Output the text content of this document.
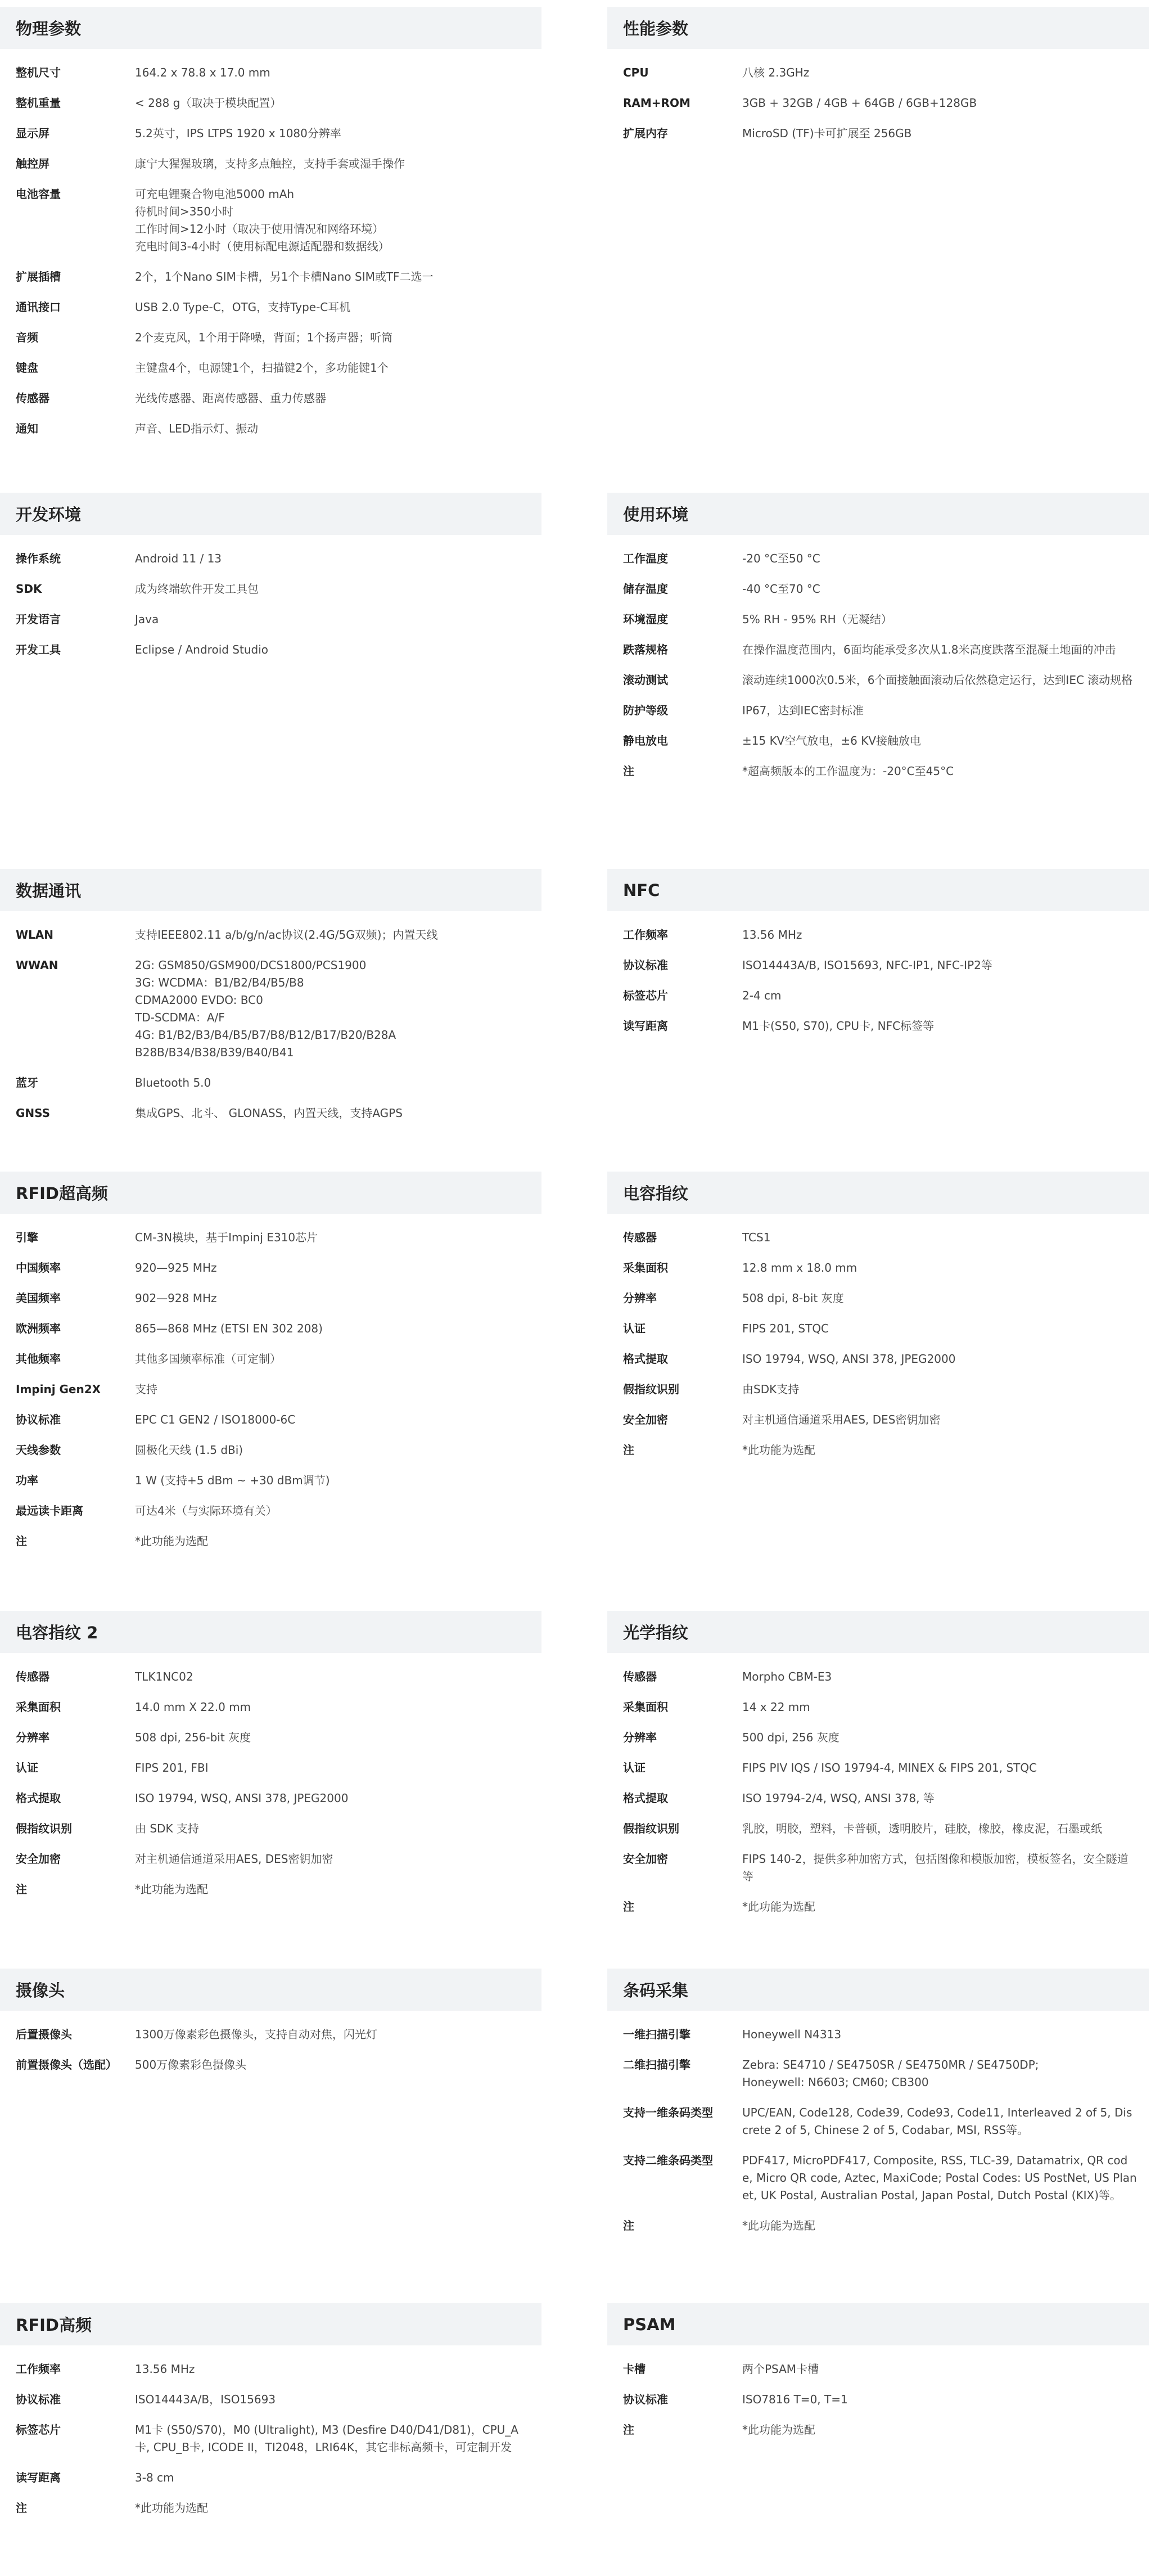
物理参数
整机尺寸	164.2 x 78.8 x 17.0 mm
整机重量	< 288 g（取决于模块配置）
显示屏	5.2英寸，IPS LTPS 1920 x 1080分辨率
触控屏	康宁大猩猩玻璃，支持多点触控，支持手套或湿手操作
电池容量	可充电锂聚合物电池5000 mAh
待机时间>350小时
工作时间>12小时（取决于使用情况和网络环境）
充电时间3-4小时（使用标配电源适配器和数据线）
扩展插槽	2个，1个Nano SIM卡槽，另1个卡槽Nano SIM或TF二选一
通讯接口	USB 2.0 Type-C，OTG，支持Type-C耳机
音频	2个麦克风，1个用于降噪，背面；1个扬声器；听筒
键盘	主键盘4个，电源键1个，扫描键2个，多功能键1个
传感器	光线传感器、距离传感器、重力传感器
通知	声音、LED指示灯、振动
性能参数
CPU	八核 2.3GHz
RAM+ROM	3GB + 32GB / 4GB + 64GB / 6GB+128GB
扩展内存	MicroSD (TF)卡可扩展至 256GB
开发环境
操作系统	Android 11 / 13
SDK	成为终端软件开发工具包
开发语言	Java
开发工具	Eclipse / Android Studio
使用环境
工作温度	-20 °C至50 °C
储存温度	-40 °C至70 °C
环境湿度	5% RH - 95% RH（无凝结）
跌落规格	在操作温度范围内，6面均能承受多次从1.8米高度跌落至混凝土地面的冲击
滚动测试	滚动连续1000次0.5米，6个面接触面滚动后依然稳定运行，达到IEC 滚动规格
防护等级	IP67，达到IEC密封标准
静电放电	±15 KV空气放电，±6 KV接触放电
注	*超高频版本的工作温度为：-20°C至45°C
数据通讯
WLAN	支持IEEE802.11 a/b/g/n/ac协议(2.4G/5G双频)；内置天线
WWAN	2G: GSM850/GSM900/DCS1800/PCS1900
3G: WCDMA：B1/B2/B4/B5/B8
CDMA2000 EVDO: BC0
TD-SCDMA：A/F
4G: B1/B2/B3/B4/B5/B7/B8/B12/B17/B20/B28A
B28B/B34/B38/B39/B40/B41
蓝牙	Bluetooth 5.0
GNSS	集成GPS、北斗、 GLONASS，内置天线，支持AGPS
NFC
工作频率	13.56 MHz
协议标准	ISO14443A/B, ISO15693, NFC-IP1, NFC-IP2等
标签芯片	2-4 cm
读写距离	M1卡(S50, S70), CPU卡, NFC标签等
RFID超高频
引擎	CM-3N模块，基于Impinj E310芯片
中国频率	920—925 MHz
美国频率	902—928 MHz
欧洲频率	865—868 MHz (ETSI EN 302 208)
其他频率	其他多国频率标准（可定制）
Impinj Gen2X	支持
协议标准	EPC C1 GEN2 / ISO18000-6C
天线参数	圆极化天线 (1.5 dBi)
功率	1 W (支持+5 dBm ~ +30 dBm调节)
最远读卡距离	可达4米（与实际环境有关）
注	*此功能为选配
电容指纹
传感器	TCS1
采集面积	12.8 mm x 18.0 mm
分辨率	508 dpi, 8-bit 灰度
认证	FIPS 201, STQC
格式提取	ISO 19794, WSQ, ANSI 378, JPEG2000
假指纹识别	由SDK支持
安全加密	对主机通信通道采用AES, DES密钥加密
注	*此功能为选配
电容指纹 2
传感器	TLK1NC02
采集面积	14.0 mm X 22.0 mm
分辨率	508 dpi, 256-bit 灰度
认证	FIPS 201, FBI
格式提取	ISO 19794, WSQ, ANSI 378, JPEG2000
假指纹识别	由 SDK 支持
安全加密	对主机通信通道采用AES, DES密钥加密
注	*此功能为选配
光学指纹
传感器	Morpho CBM-E3
采集面积	14 x 22 mm
分辨率	500 dpi, 256 灰度
认证	FIPS PIV IQS / ISO 19794-4, MINEX & FIPS 201, STQC
格式提取	ISO 19794-2/4, WSQ, ANSI 378, 等
假指纹识别	乳胶，明胶，塑料，卡普顿，透明胶片，硅胶，橡胶，橡皮泥，石墨或纸
安全加密	FIPS 140-2，提供多种加密方式，包括图像和模版加密，模板签名，安全隧道等
注	*此功能为选配
摄像头
后置摄像头	1300万像素彩色摄像头，支持自动对焦，闪光灯
前置摄像头（选配）	500万像素彩色摄像头
条码采集
一维扫描引擎	Honeywell N4313
二维扫描引擎	Zebra: SE4710 / SE4750SR / SE4750MR / SE4750DP;
Honeywell: N6603; CM60; CB300
支持一维条码类型	UPC/EAN, Code128, Code39, Code93, Code11, Interleaved 2 of 5, Discrete 2 of 5, Chinese 2 of 5, Codabar, MSI, RSS等。
支持二维条码类型	PDF417, MicroPDF417, Composite, RSS, TLC-39, Datamatrix, QR code, Micro QR code, Aztec, MaxiCode; Postal Codes: US PostNet, US Planet, UK Postal, Australian Postal, Japan Postal, Dutch Postal (KIX)等。
注	*此功能为选配
RFID高频
工作频率	13.56 MHz
协议标准	ISO14443A/B，ISO15693
标签芯片	M1卡 (S50/S70)，M0 (Ultralight), M3 (Desfire D40/D41/D81)，CPU_A卡, CPU_B卡, ICODE II，TI2048，LRI64K，其它非标高频卡，可定制开发
读写距离	3-8 cm
注	*此功能为选配
PSAM
卡槽	两个PSAM卡槽
协议标准	ISO7816 T=0, T=1
注	*此功能为选配
